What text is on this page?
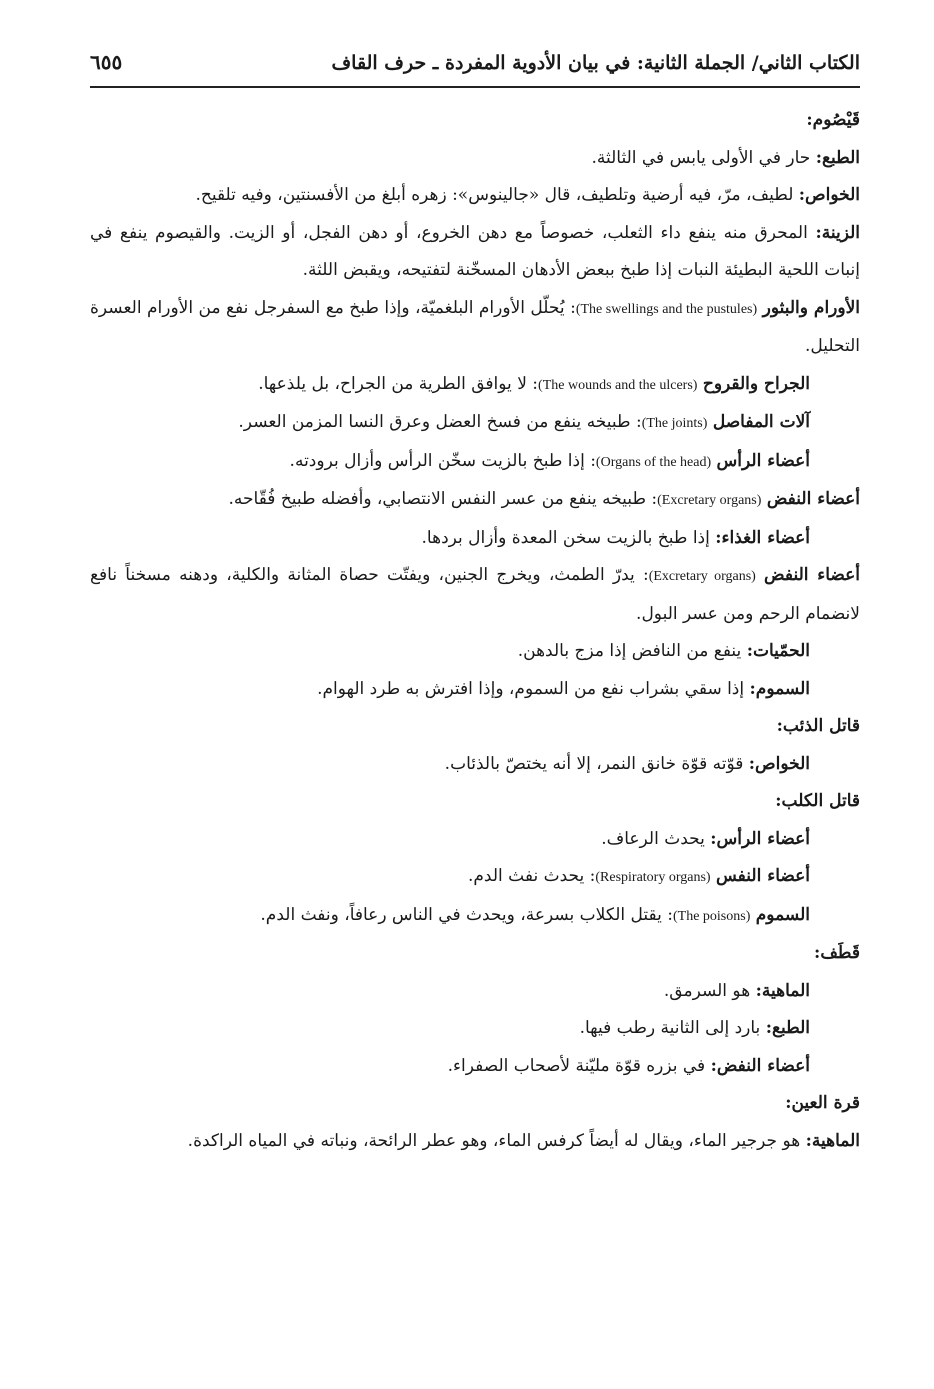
الكتاب الثاني/ الجملة الثانية: في بيان الأدوية المفردة ـ حرف القاف
٦٥٥

قَيْصُوم:

الطبع: حار في الأولى يابس في الثالثة.

الخواص: لطيف، مرّ، فيه أرضية وتلطيف، قال «جالينوس»: زهره أبلغ من الأفسنتين، وفيه تلقيح.

الزينة: المحرق منه ينفع داء الثعلب، خصوصاً مع دهن الخروع، أو دهن الفجل، أو الزيت. والقيصوم ينفع في إنبات اللحية البطيئة النبات إذا طبخ ببعض الأدهان المسخّنة لتفتيحه، ويقبض اللثة.

الأورام والبثور (The swellings and the pustules): يُحلّل الأورام البلغميّة، وإذا طبخ مع السفرجل نفع من الأورام العسرة التحليل.

الجراح والقروح (The wounds and the ulcers): لا يوافق الطرية من الجراح، بل يلذعها.

آلات المفاصل (The joints): طبيخه ينفع من فسخ العضل وعرق النسا المزمن العسر.

أعضاء الرأس (Organs of the head): إذا طبخ بالزيت سخّن الرأس وأزال برودته.

أعضاء النفض (Excretary organs): طبيخه ينفع من عسر النفس الانتصابي، وأفضله طبيخ فُقّاحه.

أعضاء الغذاء: إذا طبخ بالزيت سخن المعدة وأزال بردها.

أعضاء النفض (Excretary organs): يدرّ الطمث، ويخرج الجنين، ويفتّت حصاة المثانة والكلية، ودهنه مسخناً نافع لانضمام الرحم ومن عسر البول.

الحمّيات: ينفع من النافض إذا مزج بالدهن.

السموم: إذا سقي بشراب نفع من السموم، وإذا افترش به طرد الهوام.

قاتل الذئب:

الخواص: قوّته قوّة خانق النمر، إلا أنه يختصّ بالذئاب.

قاتل الكلب:

أعضاء الرأس: يحدث الرعاف.

أعضاء النفس (Respiratory organs): يحدث نفث الدم.

السموم (The poisons): يقتل الكلاب بسرعة، ويحدث في الناس رعافاً، ونفث الدم.

قَطَف:

الماهية: هو السرمق.

الطبع: بارد إلى الثانية رطب فيها.

أعضاء النفض: في بزره قوّة مليّنة لأصحاب الصفراء.

قرة العين:

الماهية: هو جرجير الماء، ويقال له أيضاً كرفس الماء، وهو عطر الرائحة، ونباته في المياه الراكدة.
